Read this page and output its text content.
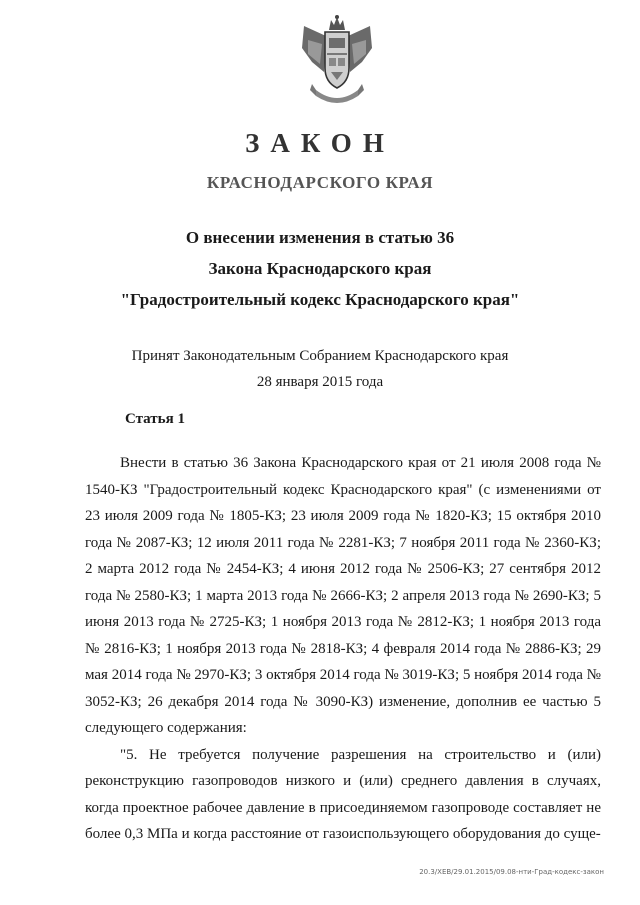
ЗАКОН
КРАСНОДАРСКОГО КРАЯ
О внесении изменения в статью 36
Закона Краснодарского края
"Градостроительный кодекс Краснодарского края"
Принят Законодательным Собранием Краснодарского края
28 января 2015 года
Статья 1

Внести в статью 36 Закона Краснодарского края от 21 июля 2008 года № 1540-КЗ "Градостроительный кодекс Краснодарского края" (с изменениями от 23 июля 2009 года № 1805-КЗ; 23 июля 2009 года № 1820-КЗ; 15 октября 2010 года № 2087-КЗ; 12 июля 2011 года № 2281-КЗ; 7 ноября 2011 года № 2360-КЗ; 2 марта 2012 года № 2454-КЗ; 4 июня 2012 года № 2506-КЗ; 27 сентября 2012 года № 2580-КЗ; 1 марта 2013 года № 2666-КЗ; 2 апреля 2013 года № 2690-КЗ; 5 июня 2013 года № 2725-КЗ; 1 ноября 2013 года № 2812-КЗ; 1 ноября 2013 года № 2816-КЗ; 1 ноября 2013 года № 2818-КЗ; 4 февраля 2014 года № 2886-КЗ; 29 мая 2014 года № 2970-КЗ; 3 октября 2014 года № 3019-КЗ; 5 ноября 2014 года № 3052-КЗ; 26 декабря 2014 года № 3090-КЗ) изменение, дополнив ее частью 5 следующего содержания:

"5. Не требуется получение разрешения на строительство и (или) реконструкцию газопроводов низкого и (или) среднего давления в случаях, когда проектное рабочее давление в присоединяемом газопроводе составляет не более 0,3 МПа и когда расстояние от газоиспользующего оборудования до суще-

20.3/XEB/29.01.2015/09.08-нти-Град-кодекс-закон
